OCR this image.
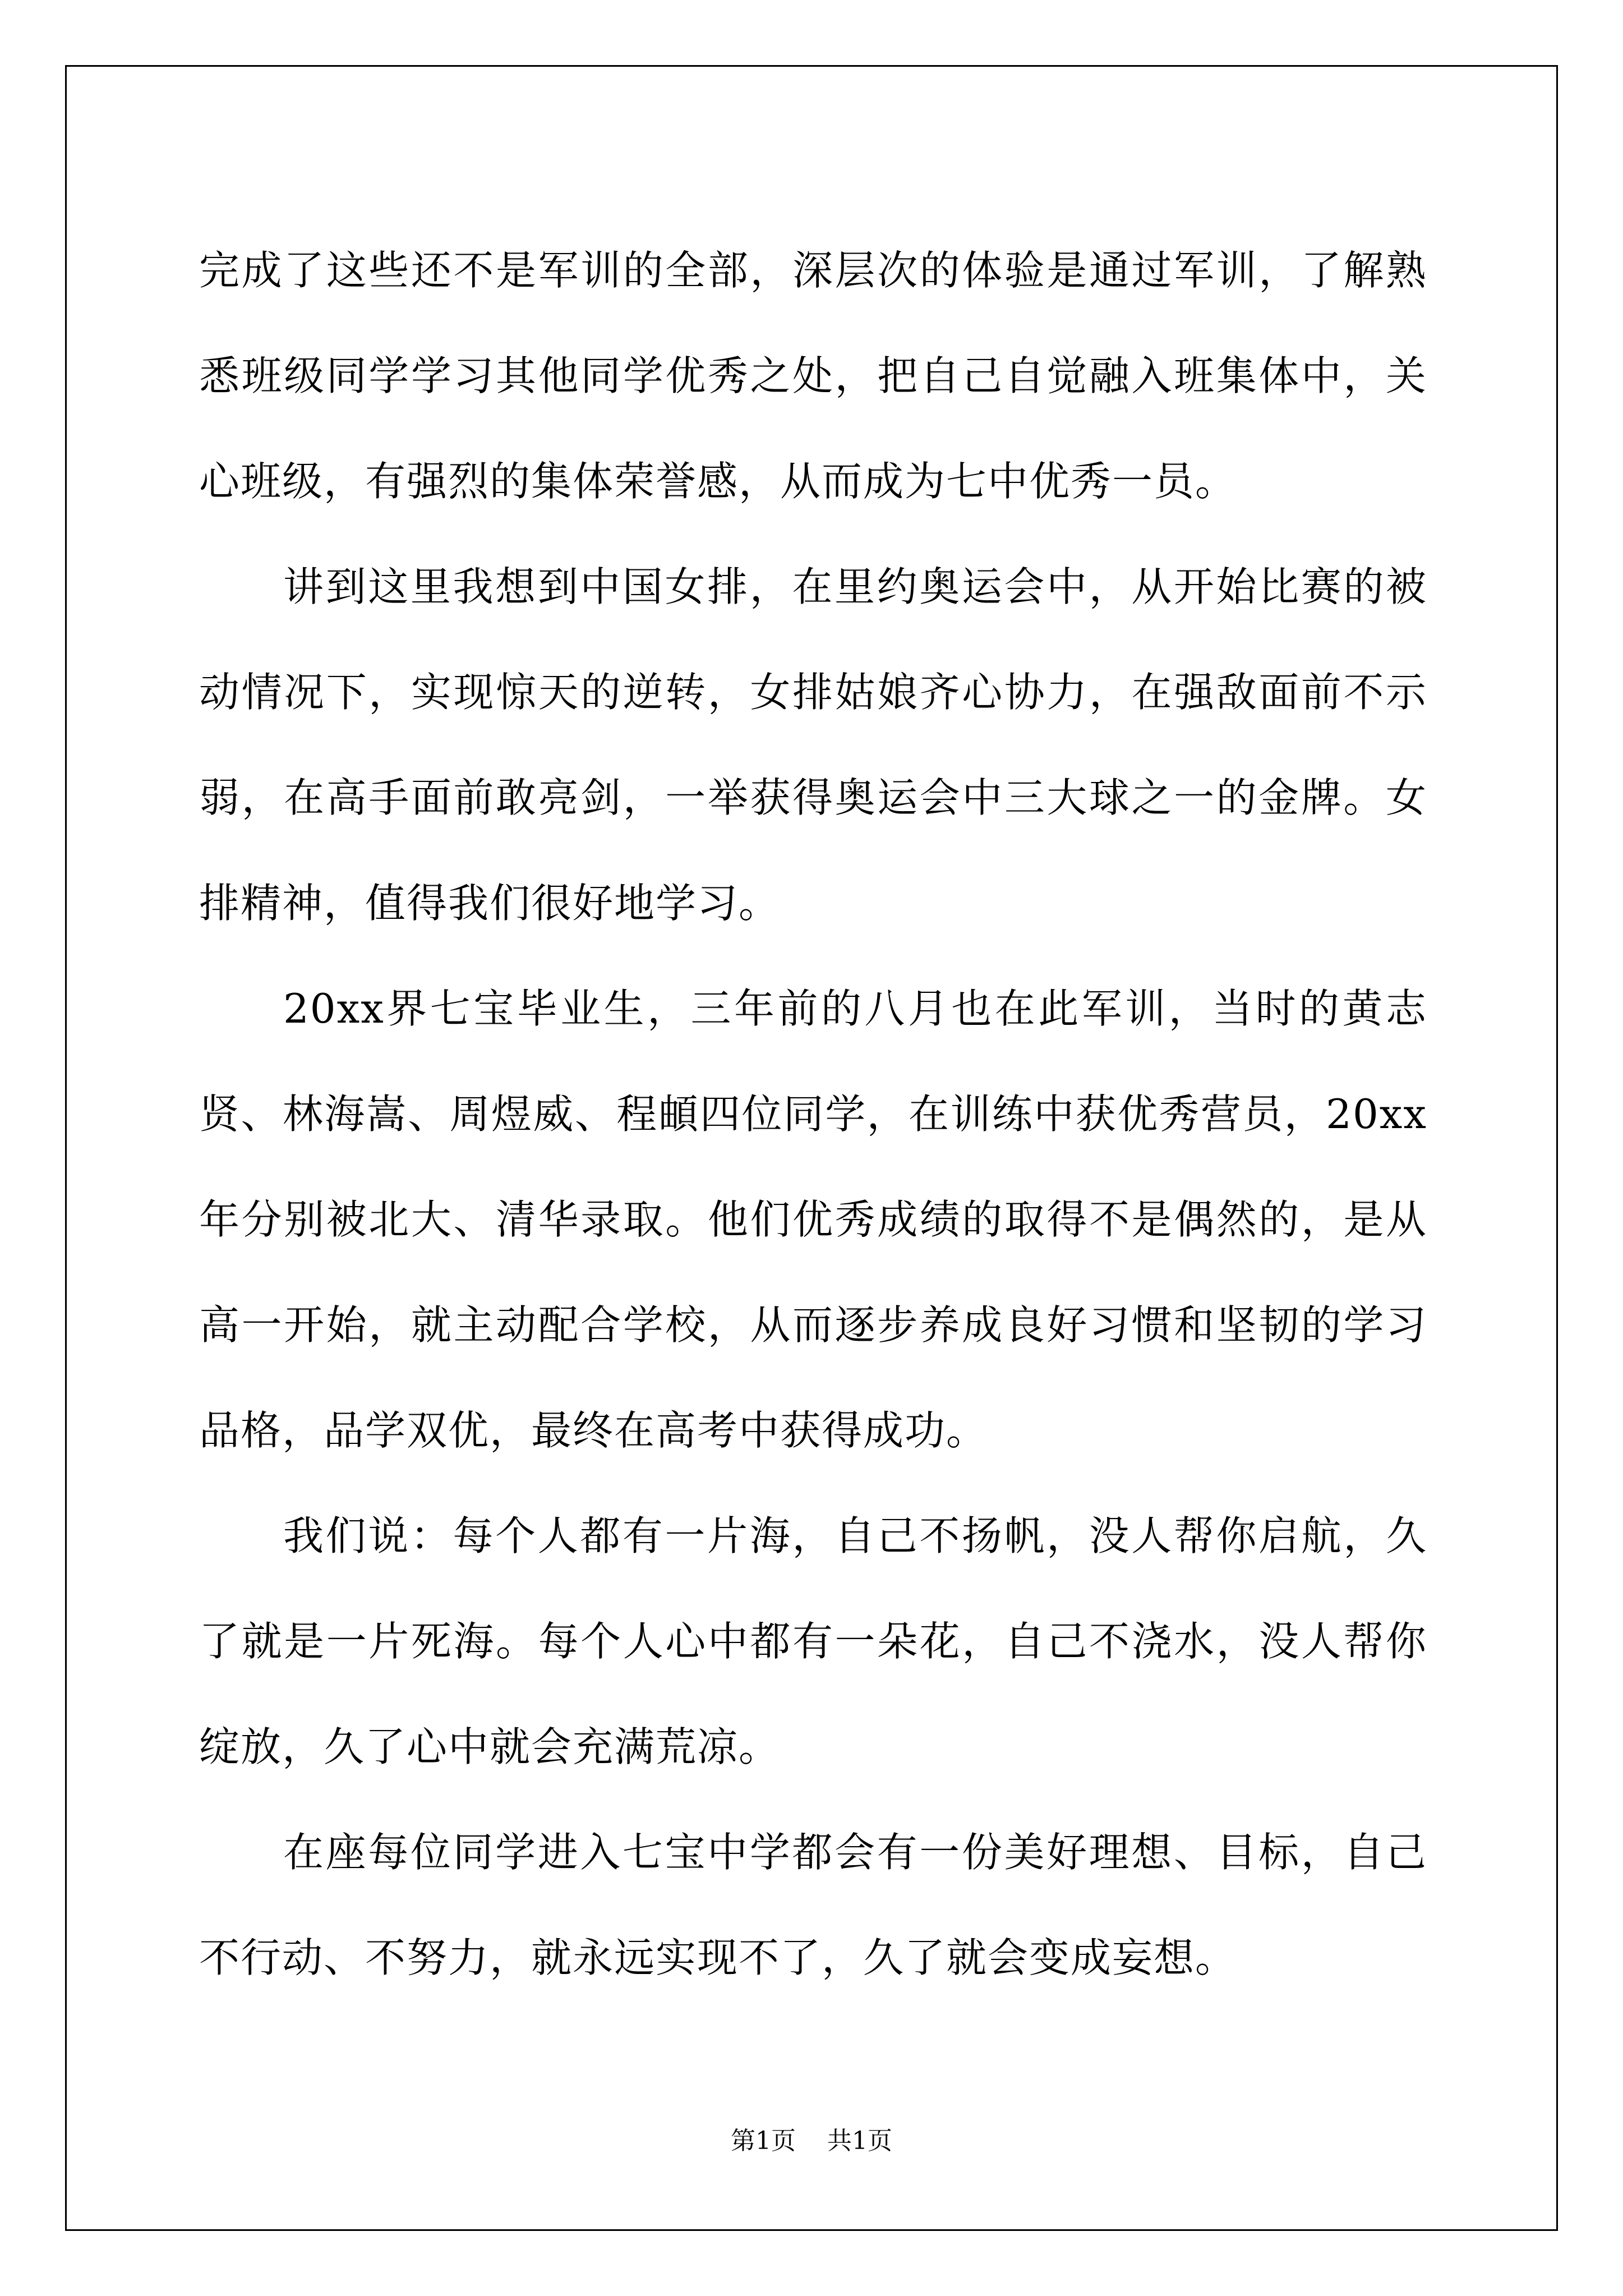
完成了这些还不是军训的全部，深层次的体验是通过军训，了解熟悉班级同学学习其他同学优秀之处，把自己自觉融入班集体中，关心班级，有强烈的集体荣誉感，从而成为七中优秀一员。

讲到这里我想到中国女排，在里约奥运会中，从开始比赛的被动情况下，实现惊天的逆转，女排姑娘齐心协力，在强敌面前不示弱，在高手面前敢亮剑，一举获得奥运会中三大球之一的金牌。女排精神，值得我们很好地学习。

20xx界七宝毕业生，三年前的八月也在此军训，当时的黄志贤、林海嵩、周煜威、程頔四位同学，在训练中获优秀营员，20xx年分别被北大、清华录取。他们优秀成绩的取得不是偶然的，是从高一开始，就主动配合学校，从而逐步养成良好习惯和坚韧的学习品格，品学双优，最终在高考中获得成功。

我们说：每个人都有一片海，自己不扬帆，没人帮你启航，久了就是一片死海。每个人心中都有一朵花，自己不浇水，没人帮你绽放，久了心中就会充满荒凉。

在座每位同学进入七宝中学都会有一份美好理想、目标，自己不行动、不努力，就永远实现不了，久了就会变成妄想。

第1页 共1页
